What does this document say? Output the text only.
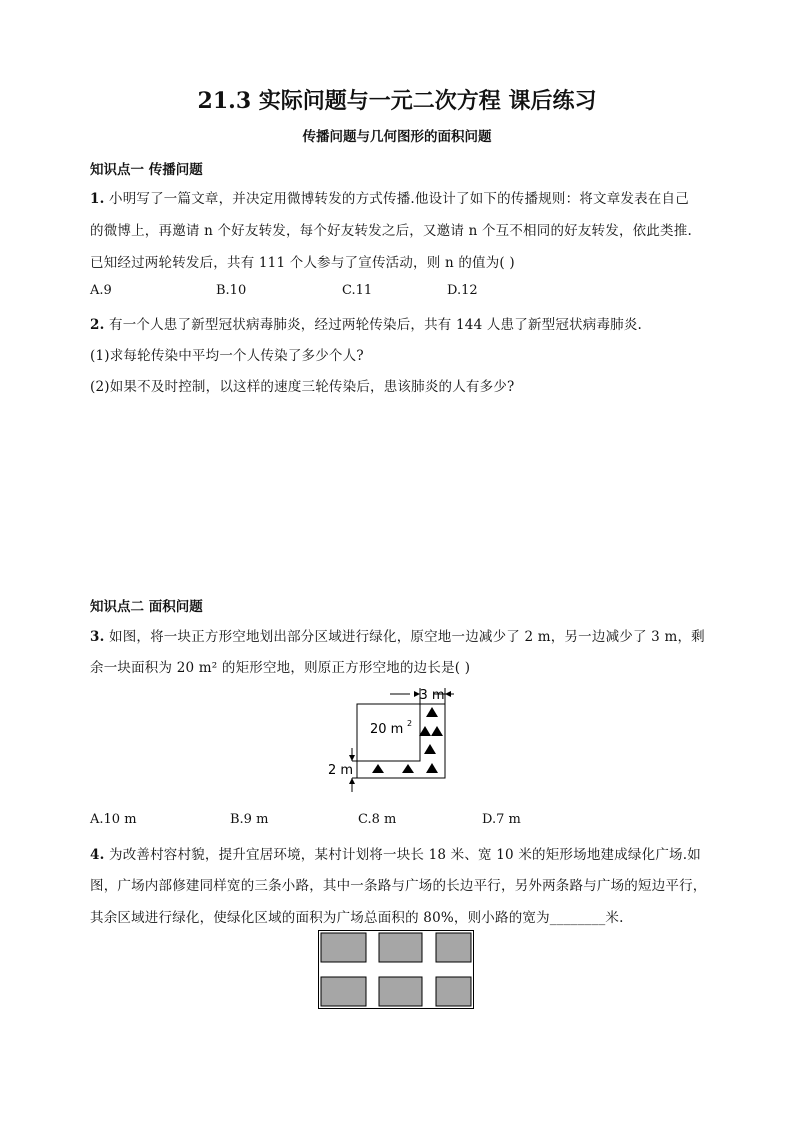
21.3 实际问题与一元二次方程 课后练习
传播问题与几何图形的面积问题
知识点一 传播问题
1. 小明写了一篇文章，并决定用微博转发的方式传播.他设计了如下的传播规则：将文章发表在自己
的微博上，再邀请 n 个好友转发，每个好友转发之后，又邀请 n 个互不相同的好友转发，依此类推.
已知经过两轮转发后，共有 111 个人参与了宣传活动，则 n 的值为( )
A.9	B.10	C.11	D.12
2. 有一个人患了新型冠状病毒肺炎，经过两轮传染后，共有 144 人患了新型冠状病毒肺炎.
(1)求每轮传染中平均一个人传染了多少个人?
(2)如果不及时控制，以这样的速度三轮传染后，患该肺炎的人有多少?
知识点二 面积问题
3. 如图，将一块正方形空地划出部分区域进行绿化，原空地一边减少了 2 m，另一边减少了 3 m，剩
余一块面积为 20 m² 的矩形空地，则原正方形空地的边长是( )
3 m
20 m 2
2 m
A.10 m	B.9 m	C.8 m	D.7 m
4. 为改善村容村貌，提升宜居环境，某村计划将一块长 18 米、宽 10 米的矩形场地建成绿化广场.如
图，广场内部修建同样宽的三条小路，其中一条路与广场的长边平行，另外两条路与广场的短边平行，
其余区域进行绿化，使绿化区域的面积为广场总面积的 80%，则小路的宽为________米.
